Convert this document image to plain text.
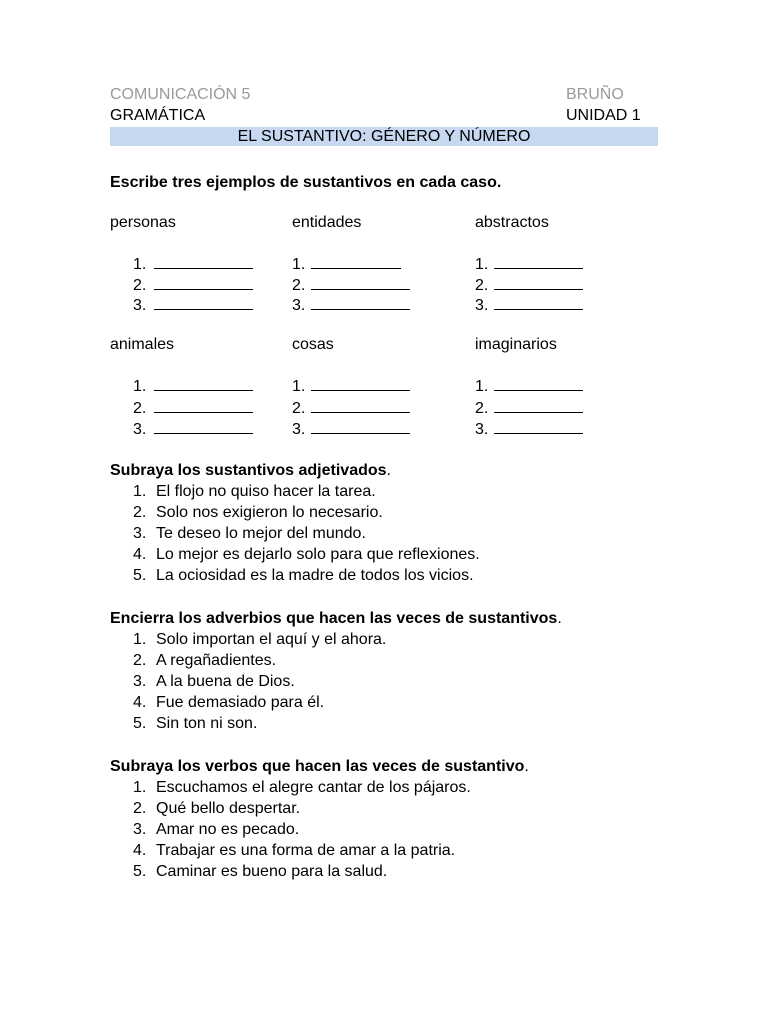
COMUNICACIÓN 5	BRUÑO
GRAMÁTICA	UNIDAD 1
EL SUSTANTIVO: GÉNERO Y NÚMERO
Escribe tres ejemplos de sustantivos en cada caso.
personas
1.
2.
3.
entidades
1.
2.
3.
abstractos
1.
2.
3.
animales
1.
2.
3.
cosas
1.
2.
3.
imaginarios
1.
2.
3.
Subraya los sustantivos adjetivados.
1. El flojo no quiso hacer la tarea.
2. Solo nos exigieron lo necesario.
3. Te deseo lo mejor del mundo.
4. Lo mejor es dejarlo solo para que reflexiones.
5. La ociosidad es la madre de todos los vicios.
Encierra los adverbios que hacen las veces de sustantivos.
1. Solo importan el aquí y el ahora.
2. A regañadientes.
3. A la buena de Dios.
4. Fue demasiado para él.
5. Sin ton ni son.
Subraya los verbos que hacen las veces de sustantivo.
1. Escuchamos el alegre cantar de los pájaros.
2. Qué bello despertar.
3. Amar no es pecado.
4. Trabajar es una forma de amar a la patria.
5. Caminar es bueno para la salud.
